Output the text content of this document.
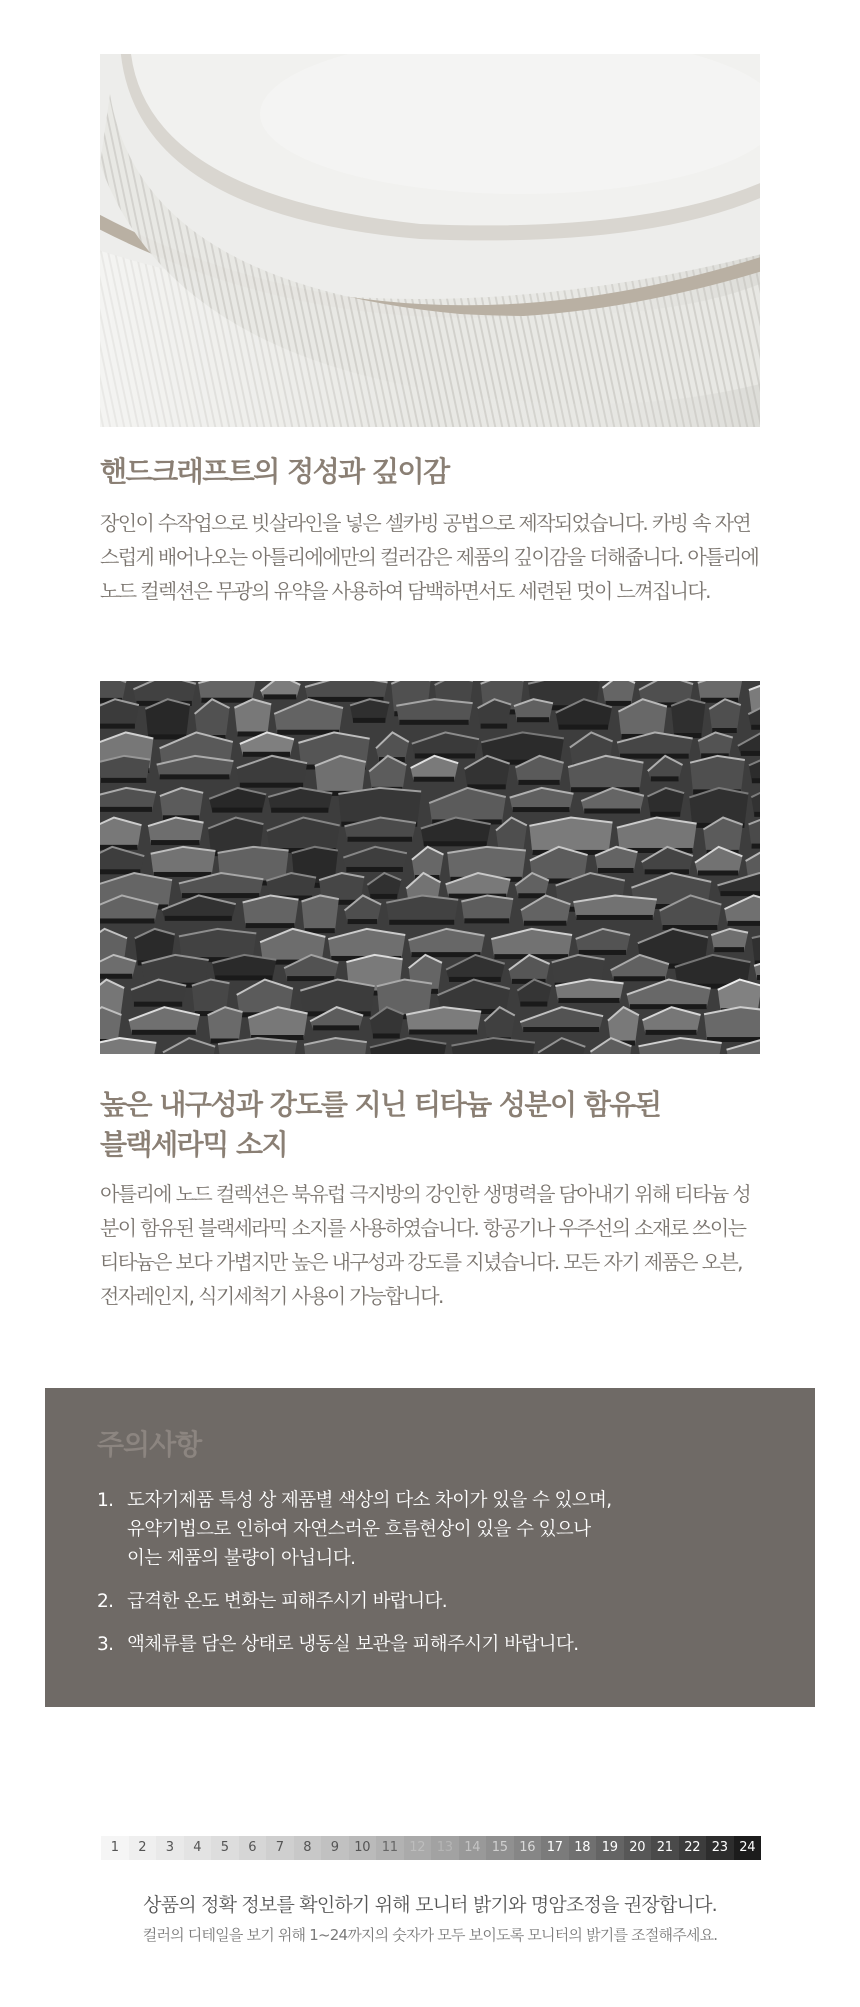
핸드크래프트의 정성과 깊이감

장인이 수작업으로 빗살라인을 넣은 셀카빙 공법으로 제작되었습니다. 카빙 속 자연스럽게 배어나오는 아틀리에에만의 컬러감은 제품의 깊이감을 더해줍니다. 아틀리에 노드 컬렉션은 무광의 유약을 사용하여 담백하면서도 세련된 멋이 느껴집니다.

높은 내구성과 강도를 지닌 티타늄 성분이 함유된
블랙세라믹 소지

아틀리에 노드 컬렉션은 북유럽 극지방의 강인한 생명력을 담아내기 위해 티타늄 성분이 함유된 블랙세라믹 소지를 사용하였습니다. 항공기나 우주선의 소재로 쓰이는 티타늄은 보다 가볍지만 높은 내구성과 강도를 지녔습니다. 모든 자기 제품은 오븐, 전자레인지, 식기세척기 사용이 가능합니다.

주의사항
1. 도자기제품 특성 상 제품별 색상의 다소 차이가 있을 수 있으며,
유약기법으로 인하여 자연스러운 흐름현상이 있을 수 있으나
이는 제품의 불량이 아닙니다.
2. 급격한 온도 변화는 피해주시기 바랍니다.
3. 액체류를 담은 상태로 냉동실 보관을 피해주시기 바랍니다.
1	2	3	4	5	6	7	8	9	10 11 12 13 14 15 16 17 18 19 20 21 22 23 24
상품의 정확 정보를 확인하기 위해 모니터 밝기와 명암조정을 권장합니다.
컬러의 디테일을 보기 위해 1~24까지의 숫자가 모두 보이도록 모니터의 밝기를 조절해주세요.
